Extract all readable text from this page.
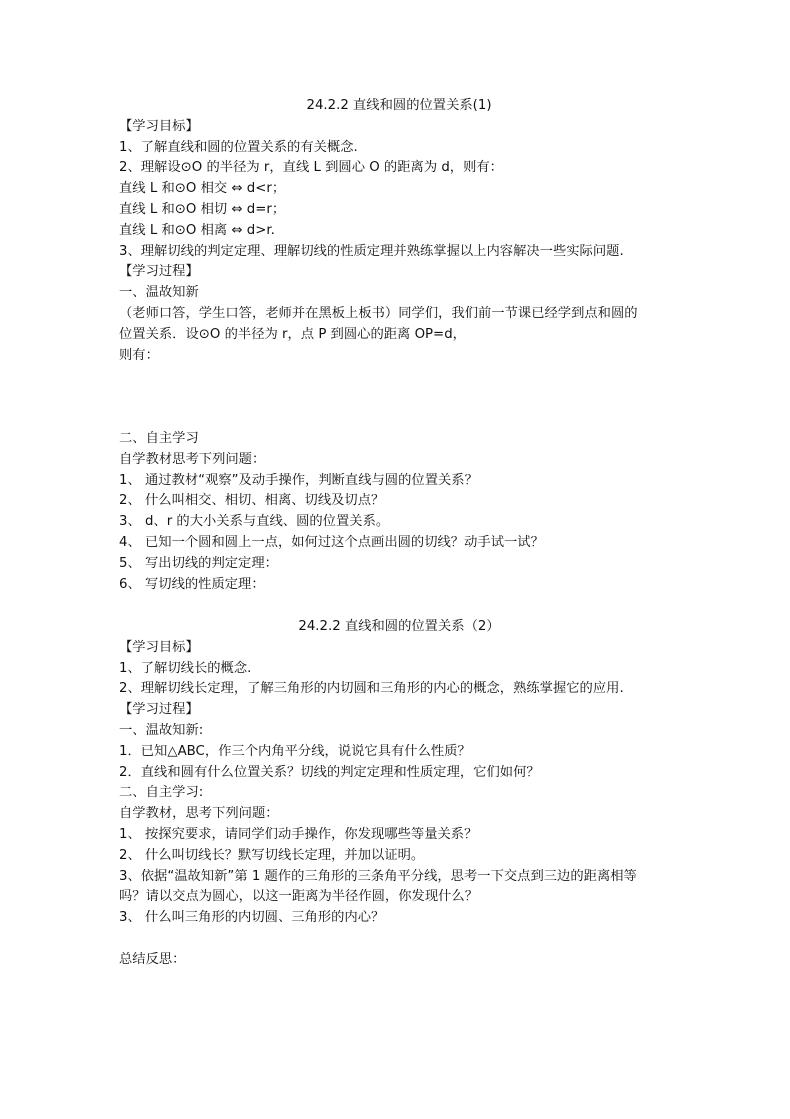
24.2.2 直线和圆的位置关系(1)
【学习目标】
1、了解直线和圆的位置关系的有关概念.
2、理解设⊙O 的半径为 r，直线 L 到圆心 O 的距离为 d，则有：
直线 L 和⊙O 相交 ⇔ d<r；
直线 L 和⊙O 相切 ⇔ d=r；
直线 L 和⊙O 相离 ⇔ d>r.
3、理解切线的判定定理、理解切线的性质定理并熟练掌握以上内容解决一些实际问题.
【学习过程】
一、温故知新
（老师口答，学生口答，老师并在黑板上板书）同学们，我们前一节课已经学到点和圆的
位置关系．设⊙O 的半径为 r，点 P 到圆心的距离 OP=d，
则有：
二、自主学习
自学教材思考下列问题：
1、 通过教材“观察”及动手操作，判断直线与圆的位置关系？
2、 什么叫相交、相切、相离、切线及切点？
3、 d、r 的大小关系与直线、圆的位置关系。
4、 已知一个圆和圆上一点，如何过这个点画出圆的切线？动手试一试？
5、 写出切线的判定定理：
6、 写切线的性质定理：
24.2.2 直线和圆的位置关系（2）
【学习目标】
1、了解切线长的概念.
2、理解切线长定理，了解三角形的内切圆和三角形的内心的概念，熟练掌握它的应用.
【学习过程】
一、温故知新:
1．已知△ABC，作三个内角平分线，说说它具有什么性质？
2．直线和圆有什么位置关系？切线的判定定理和性质定理，它们如何？
二、自主学习:
自学教材，思考下列问题：
1、 按探究要求，请同学们动手操作，你发现哪些等量关系？
2、 什么叫切线长？默写切线长定理，并加以证明。
3、依据“温故知新”第 1 题作的三角形的三条角平分线，思考一下交点到三边的距离相等
吗？请以交点为圆心，以这一距离为半径作圆，你发现什么？
3、 什么叫三角形的内切圆、三角形的内心？
总结反思：
